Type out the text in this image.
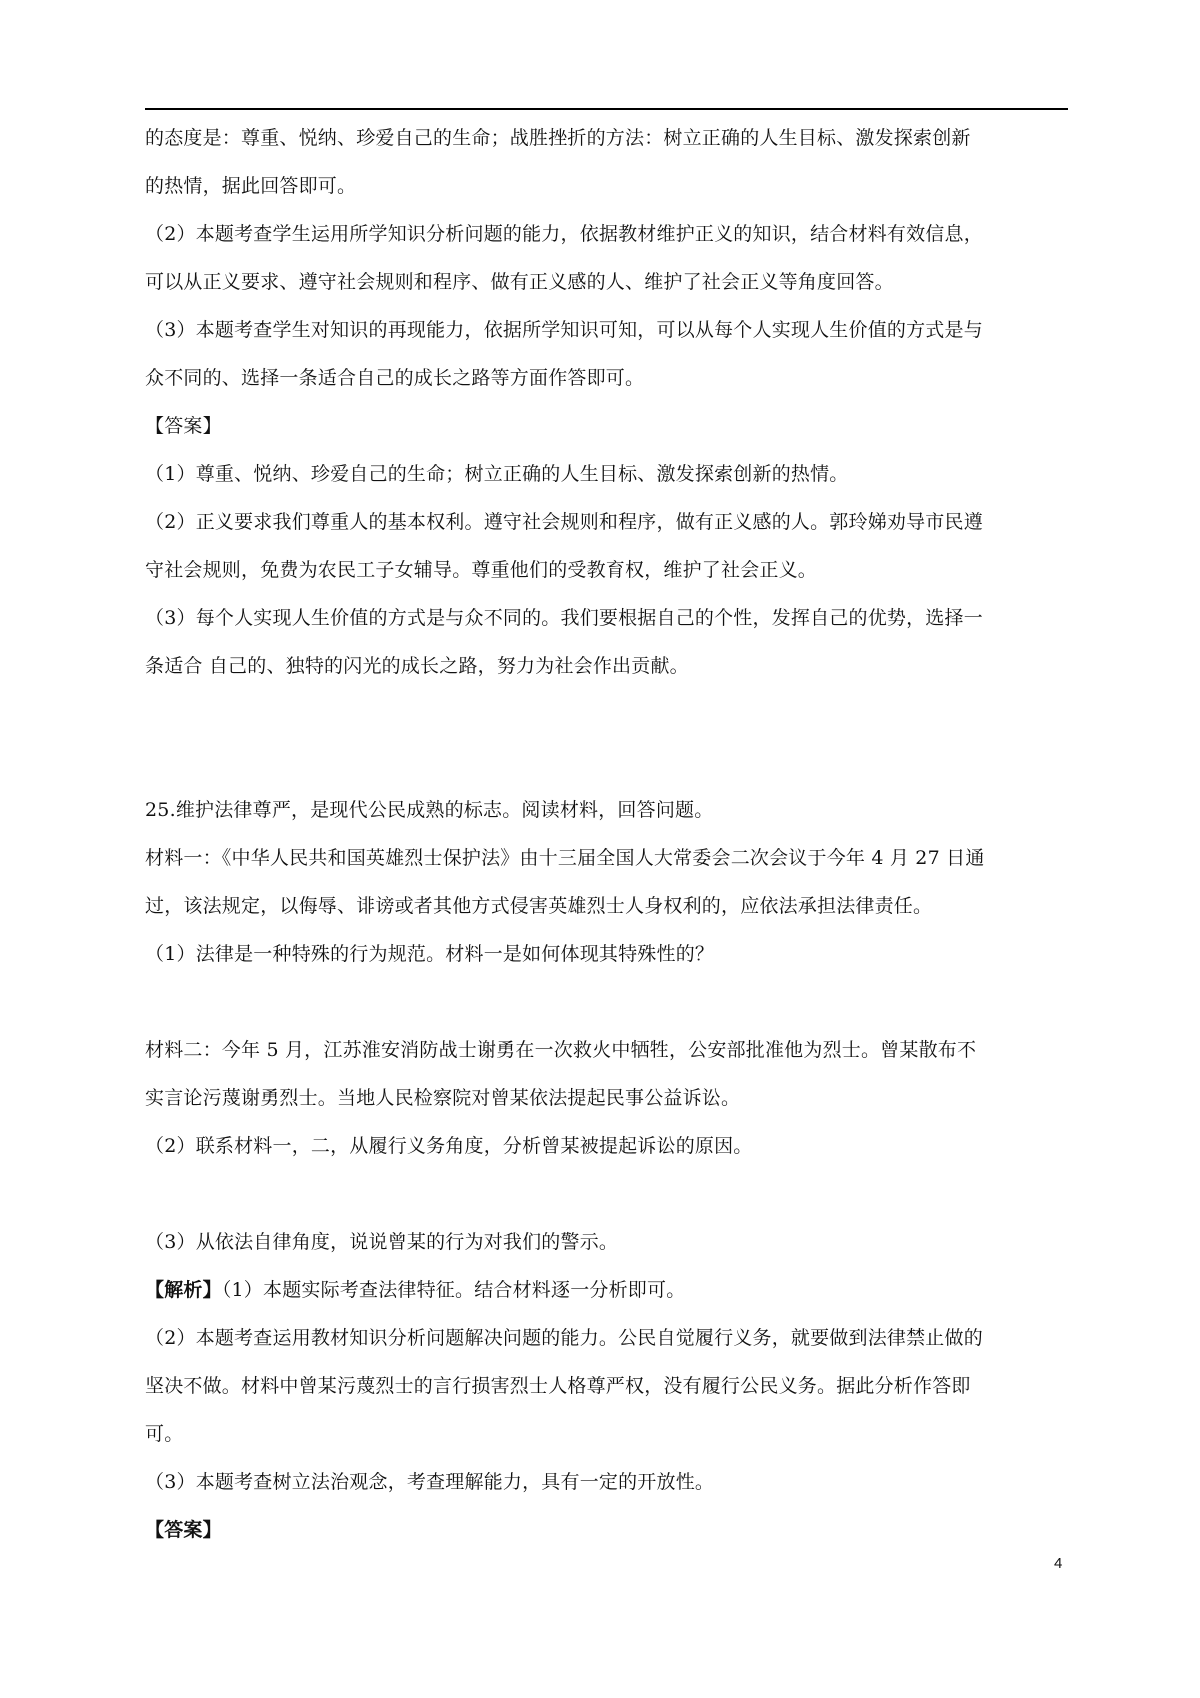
的态度是：尊重、悦纳、珍爱自己的生命；战胜挫折的方法：树立正确的人生目标、激发探索创新
的热情，据此回答即可。
（2）本题考查学生运用所学知识分析问题的能力，依据教材维护正义的知识，结合材料有效信息，
可以从正义要求、遵守社会规则和程序、做有正义感的人、维护了社会正义等角度回答。
（3）本题考查学生对知识的再现能力，依据所学知识可知，可以从每个人实现人生价值的方式是与
众不同的、选择一条适合自己的成长之路等方面作答即可。
【答案】
（1）尊重、悦纳、珍爱自己的生命；树立正确的人生目标、激发探索创新的热情。
（2）正义要求我们尊重人的基本权利。遵守社会规则和程序，做有正义感的人。郭玲娣劝导市民遵
守社会规则，免费为农民工子女辅导。尊重他们的受教育权，维护了社会正义。
（3）每个人实现人生价值的方式是与众不同的。我们要根据自己的个性，发挥自己的优势，选择一
条适合 自己的、独特的闪光的成长之路，努力为社会作出贡献。
25.维护法律尊严，是现代公民成熟的标志。阅读材料，回答问题。
材料一：《中华人民共和国英雄烈士保护法》由十三届全国人大常委会二次会议于今年 4 月 27 日通
过，该法规定，以侮辱、诽谤或者其他方式侵害英雄烈士人身权利的，应依法承担法律责任。
（1）法律是一种特殊的行为规范。材料一是如何体现其特殊性的？
材料二：今年 5 月，江苏淮安消防战士谢勇在一次救火中牺牲，公安部批准他为烈士。曾某散布不
实言论污蔑谢勇烈士。当地人民检察院对曾某依法提起民事公益诉讼。
（2）联系材料一，二，从履行义务角度，分析曾某被提起诉讼的原因。
（3）从依法自律角度，说说曾某的行为对我们的警示。
【解析】（1）本题实际考查法律特征。结合材料逐一分析即可。
（2）本题考查运用教材知识分析问题解决问题的能力。公民自觉履行义务，就要做到法律禁止做的
坚决不做。材料中曾某污蔑烈士的言行损害烈士人格尊严权，没有履行公民义务。据此分析作答即
可。
（3）本题考查树立法治观念，考查理解能力，具有一定的开放性。
【答案】
4
